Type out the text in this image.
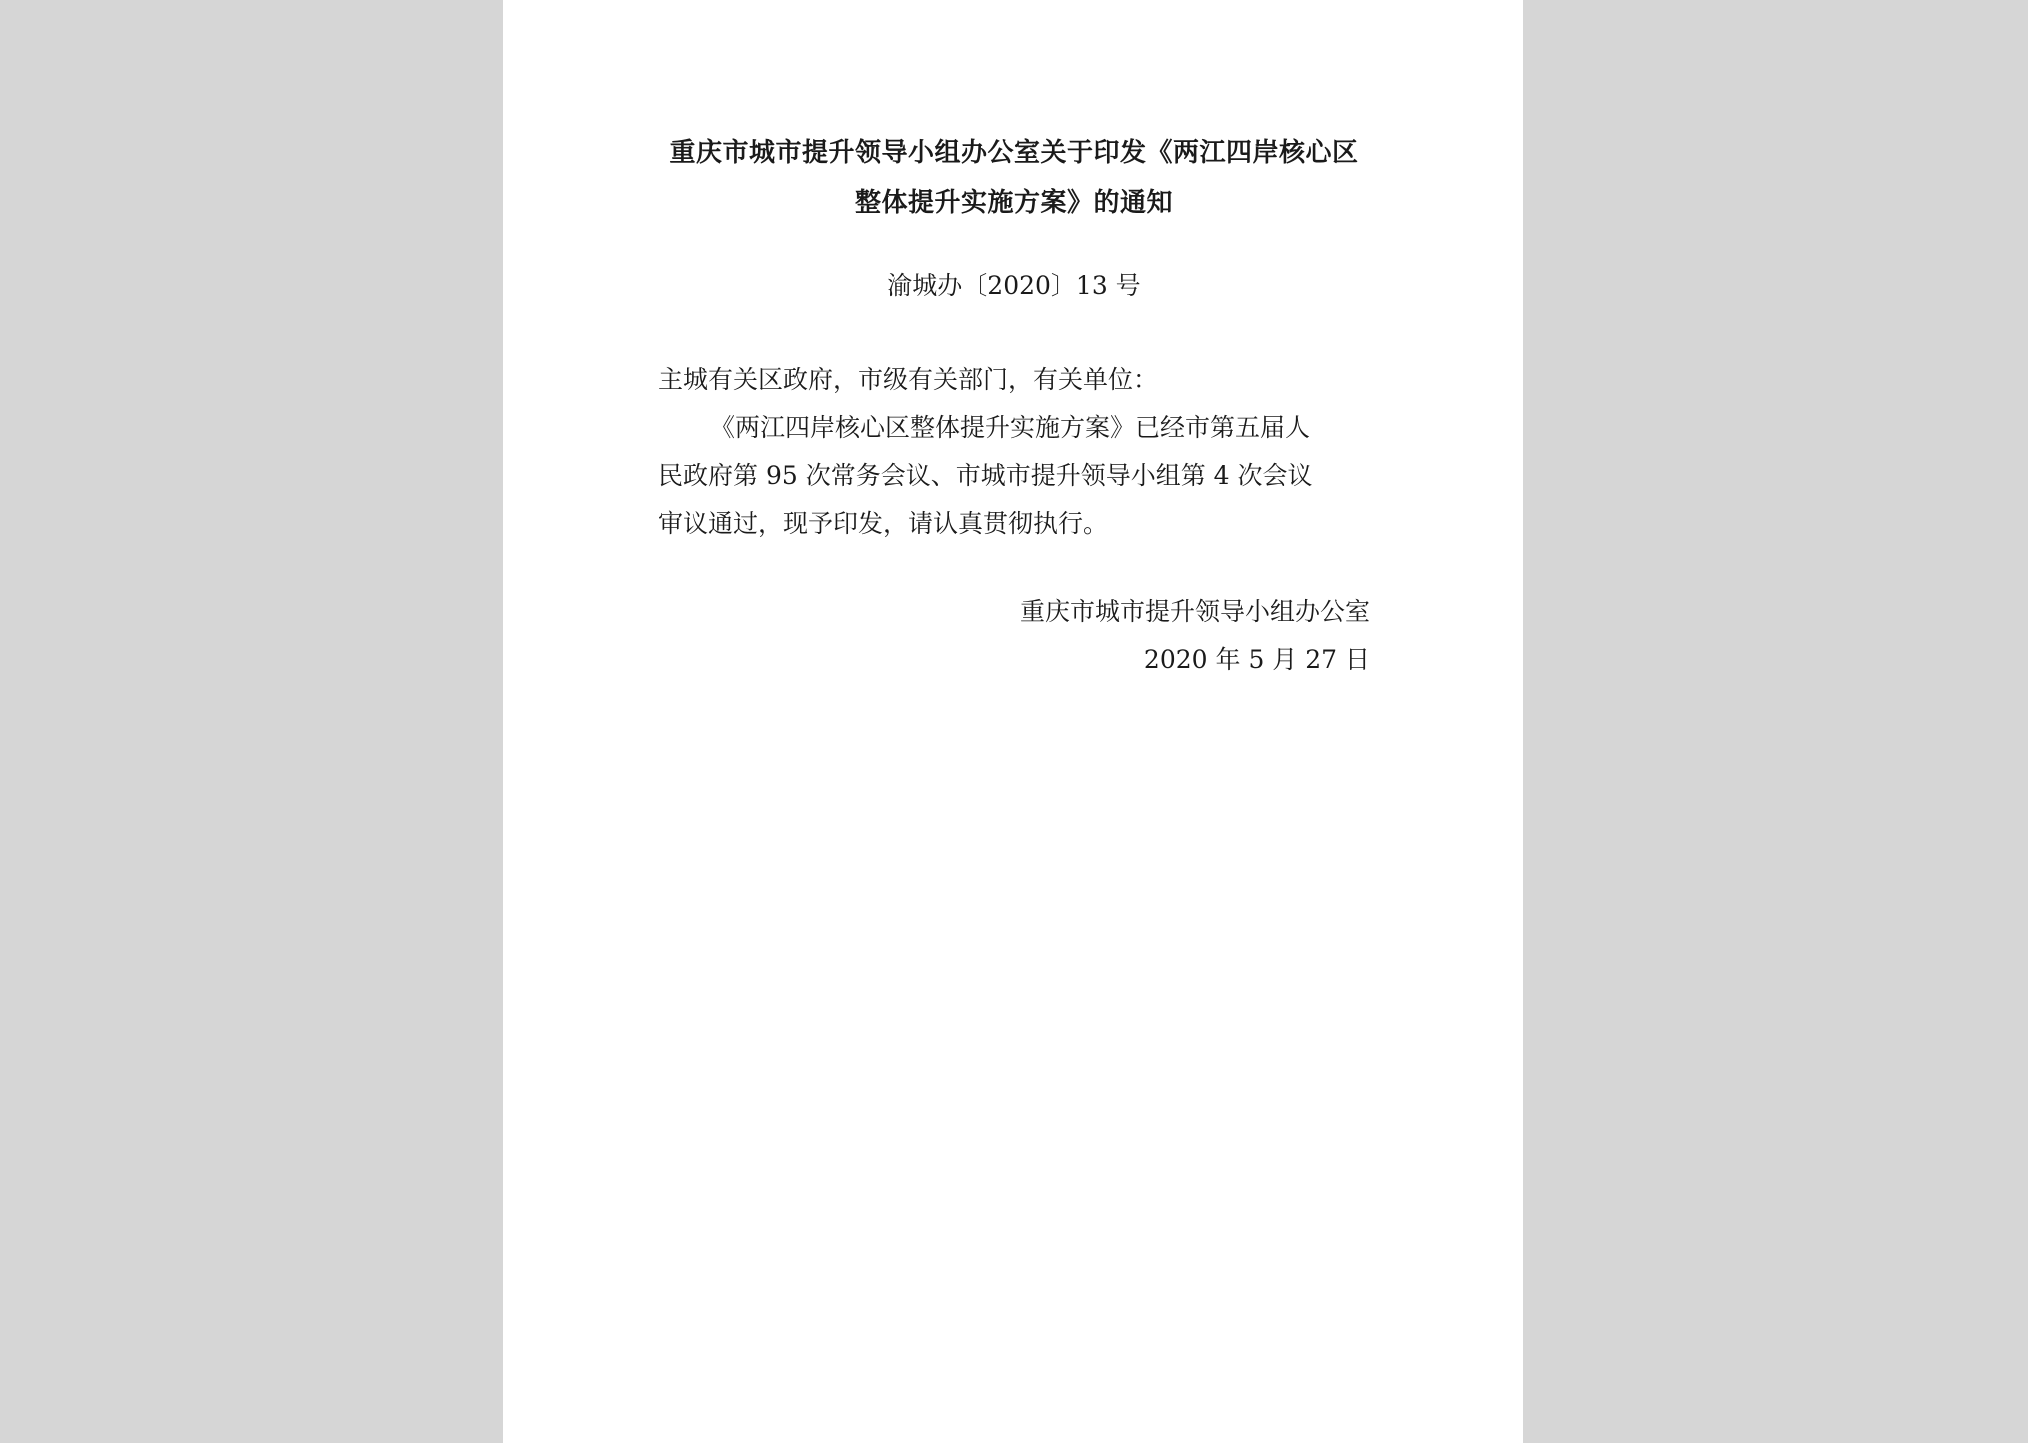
重庆市城市提升领导小组办公室关于印发《两江四岸核心区
整体提升实施方案》的通知
渝城办〔2020〕13 号
主城有关区政府，市级有关部门，有关单位：
《两江四岸核心区整体提升实施方案》已经市第五届人
民政府第 95 次常务会议、市城市提升领导小组第 4 次会议
审议通过，现予印发，请认真贯彻执行。
重庆市城市提升领导小组办公室
2020 年 5 月 27 日
